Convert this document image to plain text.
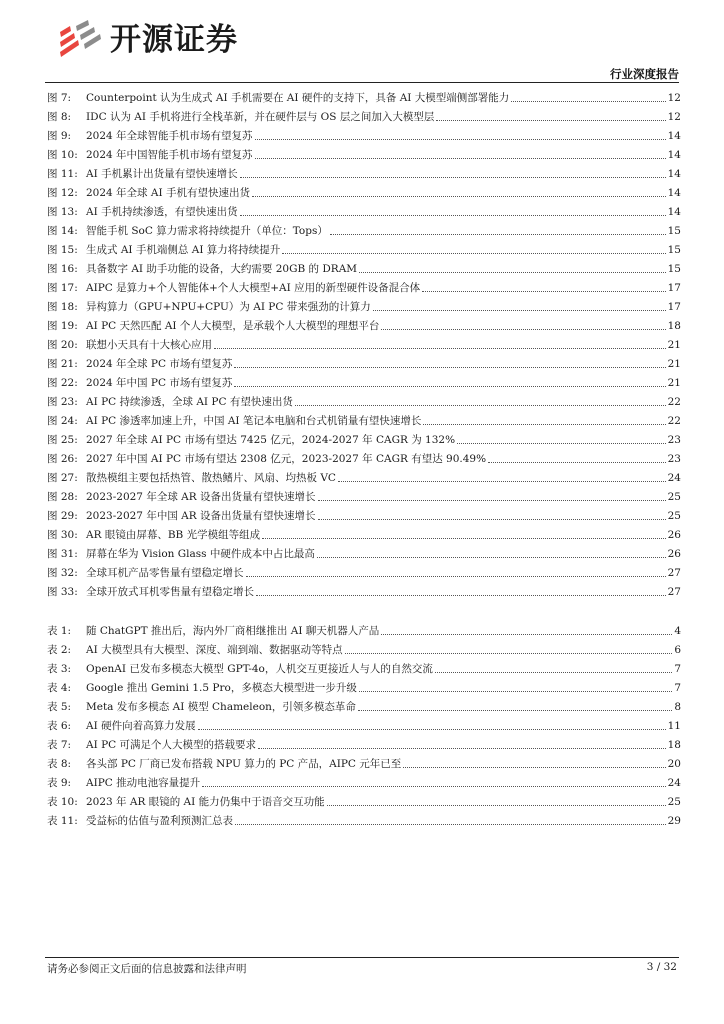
开源证券
行业深度报告
图 7:	Counterpoint 认为生成式 AI 手机需要在 AI 硬件的支持下，具备 AI 大模型端侧部署能力	12
图 8:	IDC 认为 AI 手机将进行全栈革新，并在硬件层与 OS 层之间加入大模型层	12
图 9:	2024 年全球智能手机市场有望复苏	14
图 10: 2024 年中国智能手机市场有望复苏	14
图 11: AI 手机累计出货量有望快速增长	14
图 12: 2024 年全球 AI 手机有望快速出货	14
图 13: AI 手机持续渗透，有望快速出货	14
图 14: 智能手机 SoC 算力需求将持续提升（单位：Tops）	15
图 15: 生成式 AI 手机端侧总 AI 算力将持续提升	15
图 16: 具备数字 AI 助手功能的设备，大约需要 20GB 的 DRAM	15
图 17: AIPC 是算力+个人智能体+个人大模型+AI 应用的新型硬件设备混合体	17
图 18: 异构算力（GPU+NPU+CPU）为 AI PC 带来强劲的计算力	17
图 19: AI PC 天然匹配 AI 个人大模型，是承载个人大模型的理想平台	18
图 20: 联想小天具有十大核心应用	21
图 21: 2024 年全球 PC 市场有望复苏	21
图 22: 2024 年中国 PC 市场有望复苏	21
图 23: AI PC 持续渗透，全球 AI PC 有望快速出货	22
图 24: AI PC 渗透率加速上升，中国 AI 笔记本电脑和台式机销量有望快速增长	22
图 25: 2027 年全球 AI PC 市场有望达 7425 亿元，2024-2027 年 CAGR 为 132%	23
图 26: 2027 年中国 AI PC 市场有望达 2308 亿元，2023-2027 年 CAGR 有望达 90.49%	23
图 27: 散热模组主要包括热管、散热鳍片、风扇、均热板 VC	24
图 28: 2023-2027 年全球 AR 设备出货量有望快速增长	25
图 29: 2023-2027 年中国 AR 设备出货量有望快速增长	25
图 30: AR 眼镜由屏幕、BB 光学模组等组成	26
图 31: 屏幕在华为 Vision Glass 中硬件成本中占比最高	26
图 32: 全球耳机产品零售量有望稳定增长	27
图 33: 全球开放式耳机零售量有望稳定增长	27
表 1:	随 ChatGPT 推出后，海内外厂商相继推出 AI 聊天机器人产品	4
表 2:	AI 大模型具有大模型、深度、端到端、数据驱动等特点	6
表 3:	OpenAI 已发布多模态大模型 GPT-4o，人机交互更接近人与人的自然交流	7
表 4:	Google 推出 Gemini 1.5 Pro，多模态大模型进一步升级	7
表 5:	Meta 发布多模态 AI 模型 Chameleon，引领多模态革命	8
表 6:	AI 硬件向着高算力发展	11
表 7:	AI PC 可满足个人大模型的搭载要求	18
表 8:	各头部 PC 厂商已发布搭载 NPU 算力的 PC 产品，AIPC 元年已至	20
表 9:	AIPC 推动电池容量提升	24
表 10: 2023 年 AR 眼镜的 AI 能力仍集中于语音交互功能	25
表 11: 受益标的估值与盈利预测汇总表	29
请务必参阅正文后面的信息披露和法律声明	3 / 32
